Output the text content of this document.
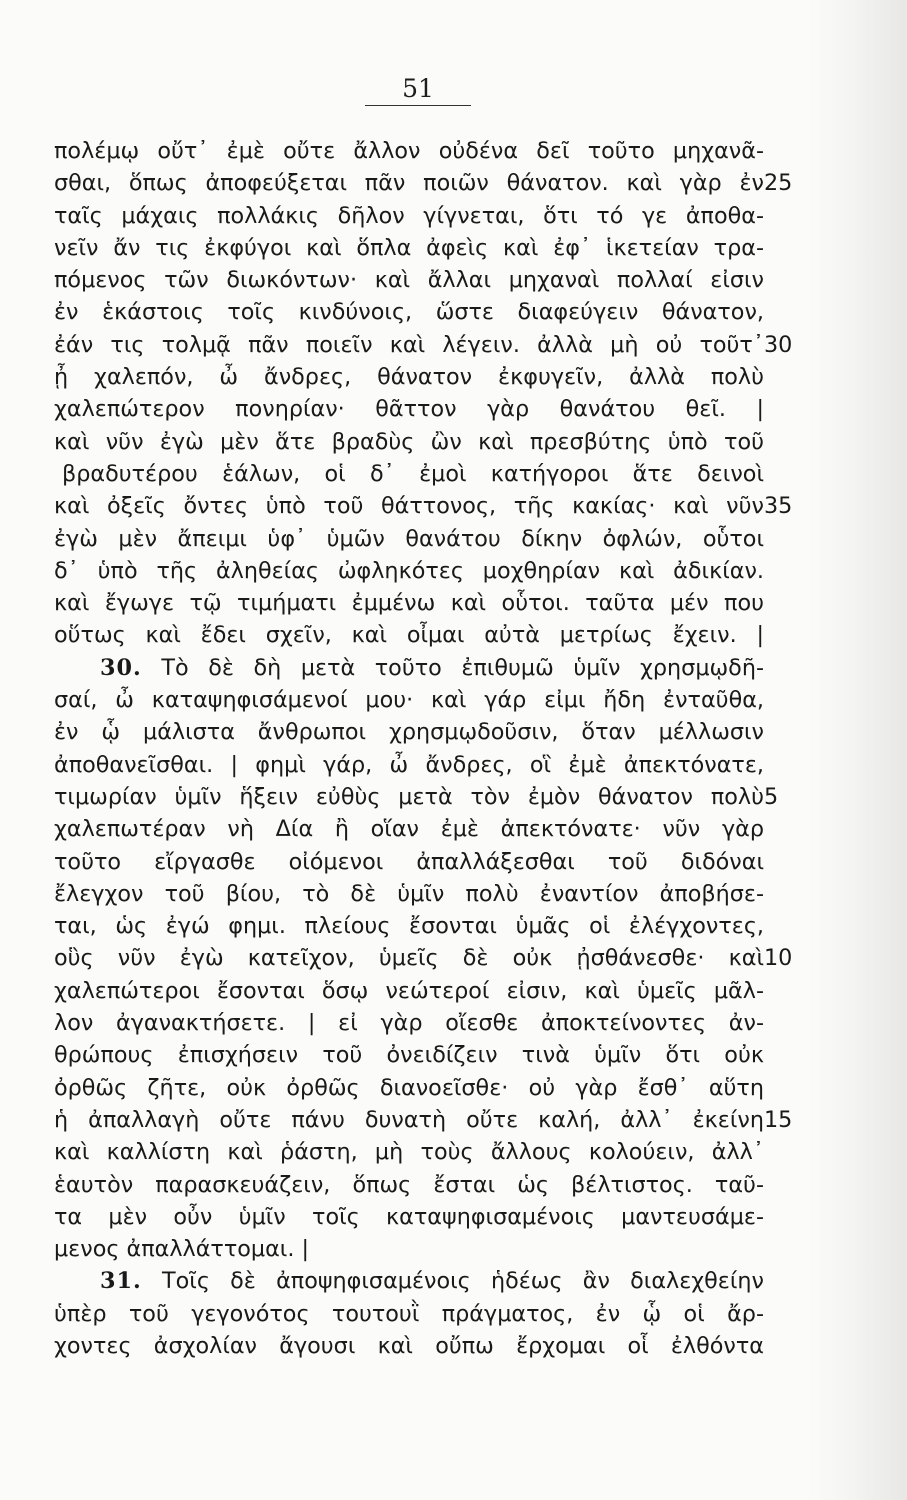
51
πολέμῳ οὔτ᾽ ἐμὲ οὔτε ἄλλον οὐδένα δεῖ τοῦτο μηχανᾶ-
σθαι, ὅπως ἀποφεύξεται πᾶν ποιῶν θάνατον. καὶ γὰρ ἐν 25
ταῖς μάχαις πολλάκις δῆλον γίγνεται, ὅτι τό γε ἀποθα-
νεῖν ἄν τις ἐκφύγοι καὶ ὅπλα ἀφεὶς καὶ ἐφ᾽ ἱκετείαν τρα-
πόμενος τῶν διωκόντων· καὶ ἄλλαι μηχαναὶ πολλαί εἰσιν
ἐν ἑκάστοις τοῖς κινδύνοις, ὥστε διαφεύγειν θάνατον,
ἐάν τις τολμᾷ πᾶν ποιεῖν καὶ λέγειν. ἀλλὰ μὴ οὐ τοῦτ᾽ 30
ᾖ χαλεπόν, ὦ ἄνδρες, θάνατον ἐκφυγεῖν, ἀλλὰ πολὺ
χαλεπώτερον πονηρίαν· θᾶττον γὰρ θανάτου θεῖ. |
καὶ νῦν ἐγὼ μὲν ἅτε βραδὺς ὢν καὶ πρεσβύτης ὑπὸ τοῦ
βραδυτέρου ἑάλων, οἱ δ᾽ ἐμοὶ κατήγοροι ἅτε δεινοὶ
καὶ ὀξεῖς ὄντες ὑπὸ τοῦ θάττονος, τῆς κακίας· καὶ νῦν 35
ἐγὼ μὲν ἄπειμι ὑφ᾽ ὑμῶν θανάτου δίκην ὀφλών, οὗτοι
δ᾽ ὑπὸ τῆς ἀληθείας ὠφληκότες μοχθηρίαν καὶ ἀδικίαν.
καὶ ἔγωγε τῷ τιμήματι ἐμμένω καὶ οὗτοι. ταῦτα μέν που
οὕτως καὶ ἔδει σχεῖν, καὶ οἶμαι αὐτὰ μετρίως ἔχειν. |
30. Τὸ δὲ δὴ μετὰ τοῦτο ἐπιθυμῶ ὑμῖν χρησμῳδῆ-
σαί, ὦ καταψηφισάμενοί μου· καὶ γάρ εἰμι ἤδη ἐνταῦθα,
ἐν ᾧ μάλιστα ἄνθρωποι χρησμῳδοῦσιν, ὅταν μέλλωσιν
ἀποθανεῖσθαι. | φημὶ γάρ, ὦ ἄνδρες, οἳ ἐμὲ ἀπεκτόνατε,
τιμωρίαν ὑμῖν ἥξειν εὐθὺς μετὰ τὸν ἐμὸν θάνατον πολὺ 5
χαλεπωτέραν νὴ Δία ἢ οἵαν ἐμὲ ἀπεκτόνατε· νῦν γὰρ
τοῦτο εἴργασθε οἰόμενοι ἀπαλλάξεσθαι τοῦ διδόναι
ἔλεγχον τοῦ βίου, τὸ δὲ ὑμῖν πολὺ ἐναντίον ἀποβήσε-
ται, ὡς ἐγώ φημι. πλείους ἔσονται ὑμᾶς οἱ ἐλέγχοντες,
οὓς νῦν ἐγὼ κατεῖχον, ὑμεῖς δὲ οὐκ ᾐσθάνεσθε· καὶ 10
χαλεπώτεροι ἔσονται ὅσῳ νεώτεροί εἰσιν, καὶ ὑμεῖς μᾶλ-
λον ἀγανακτήσετε. | εἰ γὰρ οἴεσθε ἀποκτείνοντες ἀν-
θρώπους ἐπισχήσειν τοῦ ὀνειδίζειν τινὰ ὑμῖν ὅτι οὐκ
ὀρθῶς ζῆτε, οὐκ ὀρθῶς διανοεῖσθε· οὐ γὰρ ἔσθ᾽ αὕτη
ἡ ἀπαλλαγὴ οὔτε πάνυ δυνατὴ οὔτε καλή, ἀλλ᾽ ἐκείνη 15
καὶ καλλίστη καὶ ῥάστη, μὴ τοὺς ἄλλους κολούειν, ἀλλ᾽
ἑαυτὸν παρασκευάζειν, ὅπως ἔσται ὡς βέλτιστος. ταῦ-
τα μὲν οὖν ὑμῖν τοῖς καταψηφισαμένοις μαντευσάμε-
μενος ἀπαλλάττομαι. |
31. Τοῖς δὲ ἀποψηφισαμένοις ἡδέως ἂν διαλεχθείην
ὑπὲρ τοῦ γεγονότος τουτουῒ πράγματος, ἐν ᾧ οἱ ἄρ-
χοντες ἀσχολίαν ἄγουσι καὶ οὔπω ἔρχομαι οἷ ἐλθόντα
